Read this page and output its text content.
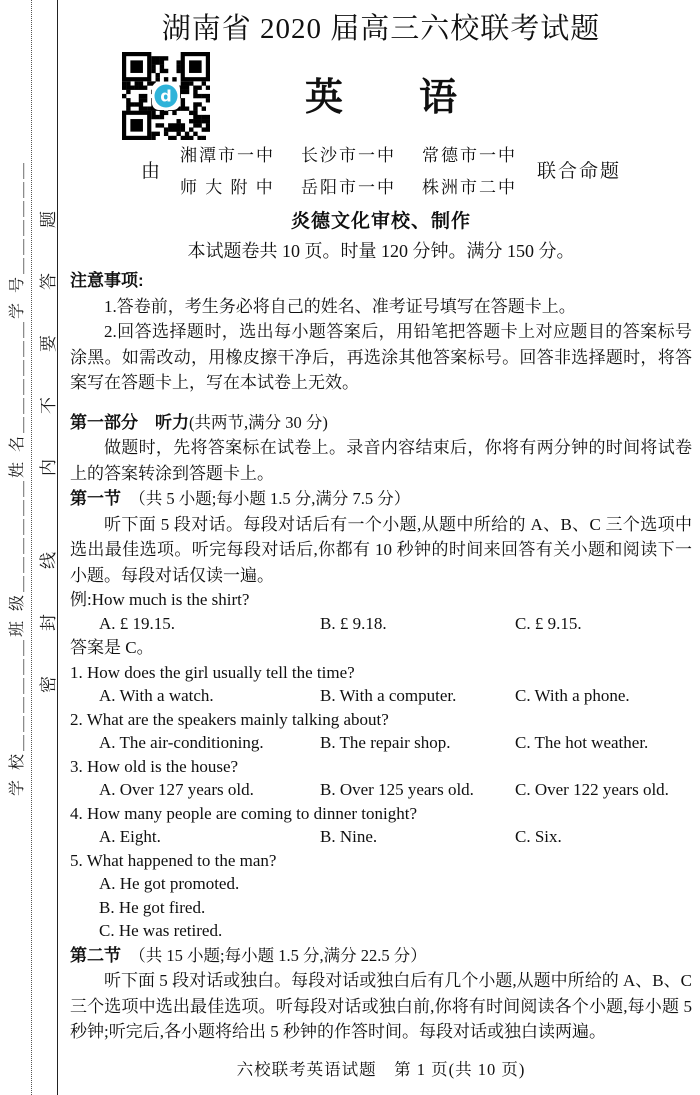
学 校＿＿＿＿＿＿班 级＿＿＿＿＿＿姓 名＿＿＿＿＿＿学 号＿＿＿＿＿＿ 密　封　线　　内　不　要　答　题
湖南省 2020 届高三六校联考试题
d	英 语
由
湘潭市一中 长沙市一中 常德市一中
师 大 附 中 岳阳市一中 株洲市二中
联合命题
炎德文化审校、制作
本试题卷共 10 页。时量 120 分钟。满分 150 分。
注意事项:

1.答卷前，考生务必将自己的姓名、准考证号填写在答题卡上。

2.回答选择题时，选出每小题答案后，用铅笔把答题卡上对应题目的答案标号涂黑。如需改动，用橡皮擦干净后，再选涂其他答案标号。回答非选择题时，将答案写在答题卡上，写在本试卷上无效。

第一部分　听力(共两节,满分 30 分)

做题时，先将答案标在试卷上。录音内容结束后，你将有两分钟的时间将试卷上的答案转涂到答题卡上。

第一节　（共 5 小题;每小题 1.5 分,满分 7.5 分）

听下面 5 段对话。每段对话后有一个小题,从题中所给的 A、B、C 三个选项中选出最佳选项。听完每段对话后,你都有 10 秒钟的时间来回答有关小题和阅读下一小题。每段对话仅读一遍。

例:How much is the shirt?
A. £ 19.15.	B. £ 9.18.	C. £ 9.15.
答案是 C。
1. How does the girl usually tell the time?
A. With a watch.	B. With a computer.	C. With a phone.
2. What are the speakers mainly talking about?
A. The air-conditioning.	B. The repair shop.	C. The hot weather.
3. How old is the house?
A. Over 127 years old.	B. Over 125 years old.	C. Over 122 years old.
4. How many people are coming to dinner tonight?
A. Eight.	B. Nine.	C. Six.
5. What happened to the man?
A. He got promoted.
B. He got fired.
C. He was retired.
第二节　（共 15 小题;每小题 1.5 分,满分 22.5 分）

听下面 5 段对话或独白。每段对话或独白后有几个小题,从题中所给的 A、B、C 三个选项中选出最佳选项。听每段对话或独白前,你将有时间阅读各个小题,每小题 5 秒钟;听完后,各小题将给出 5 秒钟的作答时间。每段对话或独白读两遍。

六校联考英语试题　第 1 页(共 10 页)
